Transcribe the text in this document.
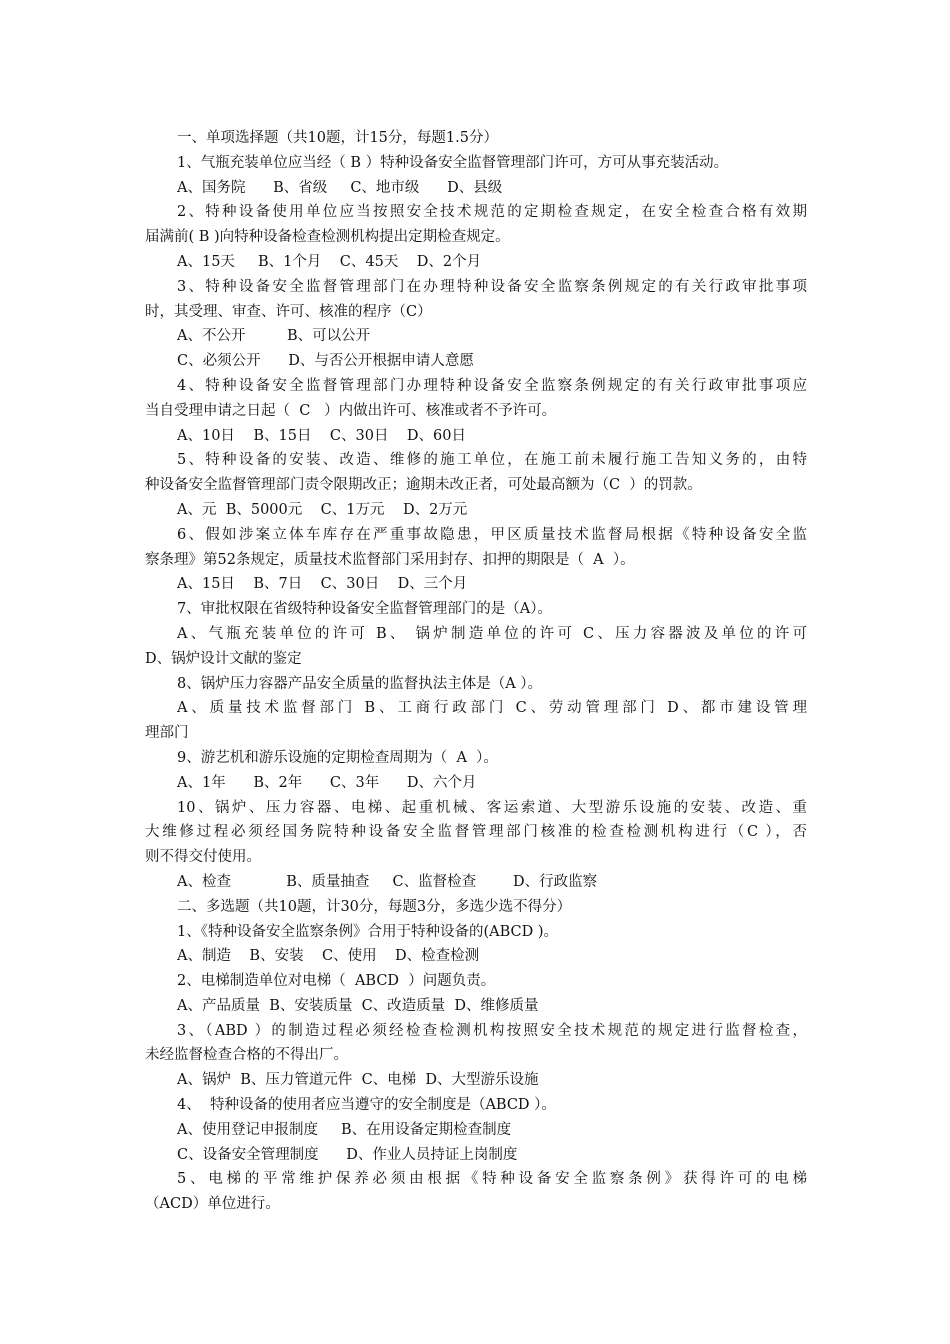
一、单项选择题（共10题，计15分，每题1.5分）
1、气瓶充装单位应当经（ B ）特种设备安全监督管理部门许可，方可从事充装活动。
A、国务院      B、省级     C、地市级      D、县级
2、特种设备使用单位应当按照安全技术规范的定期检查规定，在安全检查合格有效期
届满前( B )向特种设备检查检测机构提出定期检查规定。
A、15天     B、1个月    C、45天    D、2个月
3、特种设备安全监督管理部门在办理特种设备安全监察条例规定的有关行政审批事项
时，其受理、审查、许可、核准的程序（C）
A、不公开         B、可以公开
C、必须公开      D、与否公开根据申请人意愿
4、特种设备安全监督管理部门办理特种设备安全监察条例规定的有关行政审批事项应
当自受理申请之日起（  C   ）内做出许可、核准或者不予许可。
A、10日    B、15日    C、30日    D、60日
5、特种设备的安装、改造、维修的施工单位，在施工前未履行施工告知义务的，由特
种设备安全监督管理部门责令限期改正；逾期未改正者，可处最高额为（C  ）的罚款。
A、元  B、5000元    C、1万元    D、2万元
6、假如涉案立体车库存在严重事故隐患，甲区质量技术监督局根据《特种设备安全监
察条理》第52条规定，质量技术监督部门采用封存、扣押的期限是（  A  ）。
A、15日    B、7日    C、30日    D、三个月
7、审批权限在省级特种设备安全监督管理部门的是（A）。
A、气瓶充装单位的许可 B、 锅炉制造单位的许可 C、压力容器波及单位的许可
D、锅炉设计文献的鉴定
8、锅炉压力容器产品安全质量的监督执法主体是（A ）。
A、质量技术监督部门 B、工商行政部门 C、劳动管理部门 D、都市建设管理
理部门
9、游艺机和游乐设施的定期检查周期为（  A  ）。
A、1年      B、2年      C、3年      D、六个月
10、锅炉、压力容器、电梯、起重机械、客运索道、大型游乐设施的安装、改造、重
大维修过程必须经国务院特种设备安全监督管理部门核准的检查检测机构进行（C ），否
则不得交付使用。
A、检查            B、质量抽查     C、监督检查        D、行政监察
二、多选题（共10题，计30分，每题3分，多选少选不得分）
1、《特种设备安全监察条例》合用于特种设备的(ABCD )。
A、制造    B、安装    C、使用    D、检查检测
2、电梯制造单位对电梯（  ABCD  ）问题负责。
A、产品质量  B、安装质量  C、改造质量  D、维修质量
3、（ABD ）的制造过程必须经检查检测机构按照安全技术规范的规定进行监督检查，
未经监督检查合格的不得出厂。
A、锅炉  B、压力管道元件  C、电梯  D、大型游乐设施
4、  特种设备的使用者应当遵守的安全制度是（ABCD ）。
A、使用登记申报制度     B、在用设备定期检查制度
C、设备安全管理制度      D、作业人员持证上岗制度
5、电梯的平常维护保养必须由根据《特种设备安全监察条例》获得许可的电梯
（ACD）单位进行。
